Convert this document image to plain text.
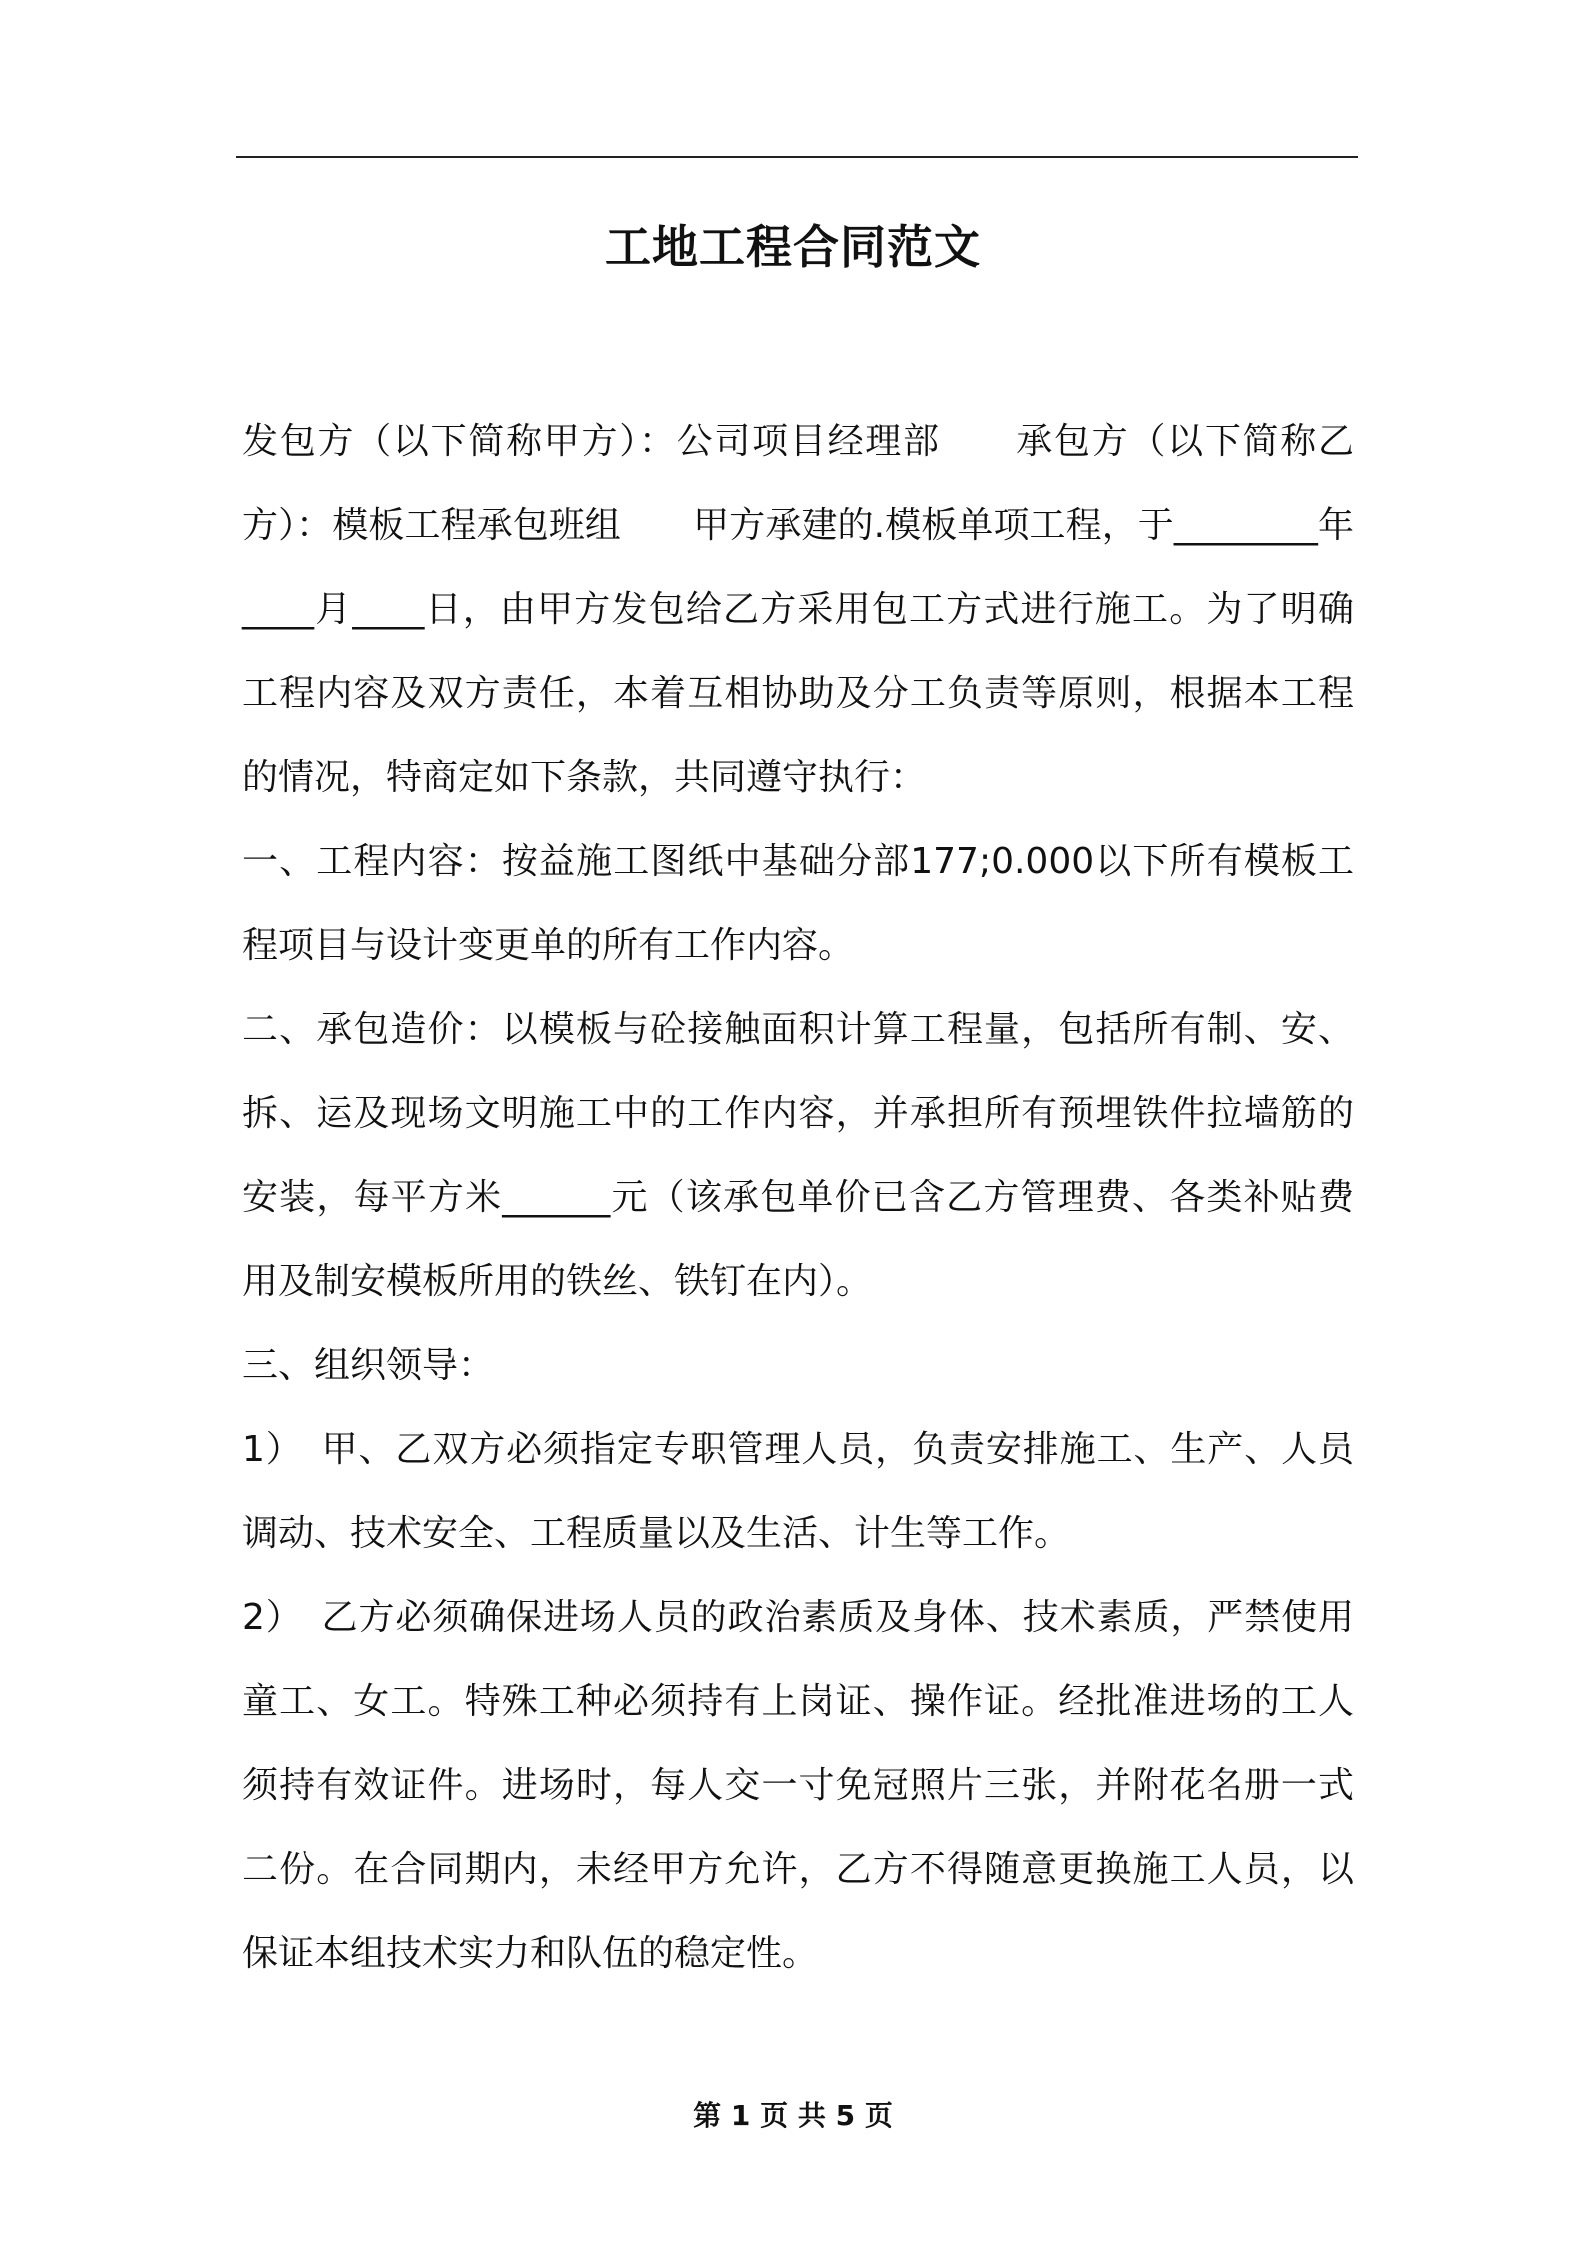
工地工程合同范文

发包方（以下简称甲方）：公司项目经理部　　承包方（以下简称乙方）：模板工程承包班组　　甲方承建的.模板单项工程，于________年____月____日，由甲方发包给乙方采用包工方式进行施工。为了明确工程内容及双方责任，本着互相协助及分工负责等原则，根据本工程的情况，特商定如下条款，共同遵守执行：

一、工程内容：按益施工图纸中基础分部177;0.000以下所有模板工程项目与设计变更单的所有工作内容。

二、承包造价：以模板与砼接触面积计算工程量，包括所有制、安、拆、运及现场文明施工中的工作内容，并承担所有预埋铁件拉墙筋的安装，每平方米______元（该承包单价已含乙方管理费、各类补贴费用及制安模板所用的铁丝、铁钉在内）。

三、组织领导：

1）　甲、乙双方必须指定专职管理人员，负责安排施工、生产、人员调动、技术安全、工程质量以及生活、计生等工作。

2）　乙方必须确保进场人员的政治素质及身体、技术素质，严禁使用童工、女工。特殊工种必须持有上岗证、操作证。经批准进场的工人须持有效证件。进场时，每人交一寸免冠照片三张，并附花名册一式二份。在合同期内，未经甲方允许，乙方不得随意更换施工人员，以保证本组技术实力和队伍的稳定性。

第 1 页 共 5 页
